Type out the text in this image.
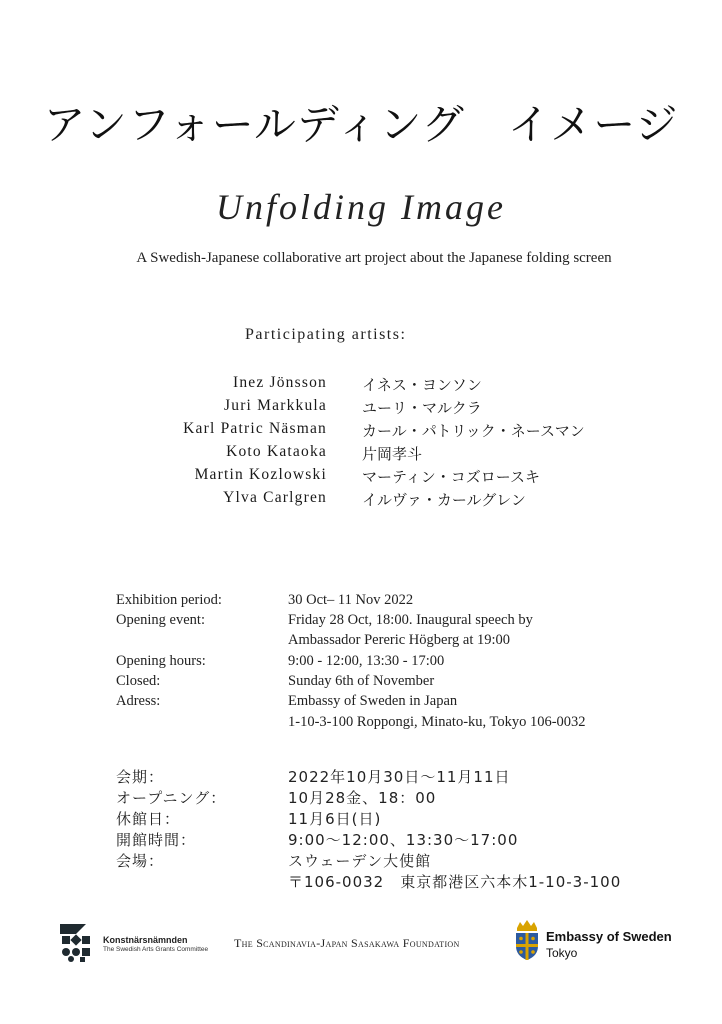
アンフォールディング　イメージ
Unfolding Image
A Swedish-Japanese collaborative art project about the Japanese folding screen
Participating artists:
Inez Jönsson イネス・ヨンソン
Juri Markkula ユーリ・マルクラ
Karl Patric Näsman カール・パトリック・ネースマン
Koto Kataoka 片岡孝斗
Martin Kozlowski マーティン・コズロースキ
Ylva Carlgren イルヴァ・カールグレン
Exhibition period:	30 Oct– 11 Nov 2022
Opening event:	Friday 28 Oct, 18:00. Inaugural speech by
Ambassador Pereric Högberg at 19:00
Opening hours:	9:00 - 12:00, 13:30 - 17:00
Closed:	Sunday 6th of November
Adress:	Embassy of Sweden in Japan
1-10-3-100 Roppongi, Minato-ku, Tokyo 106-0032
会期：	2022年10月30日～11月11日
オープニング：	10月28金、18：00
休館日：	11月6日(日)
開館時間：	9:00～12:00、13:30～17:00
会場：	スウェーデン大使館
〒106-0032　東京都港区六本木1-10-3-100
Konstnärsnämnden
The Swedish Arts Grants Committee The Scandinavia-Japan Sasakawa Foundation	Embassy of Sweden
Tokyo
